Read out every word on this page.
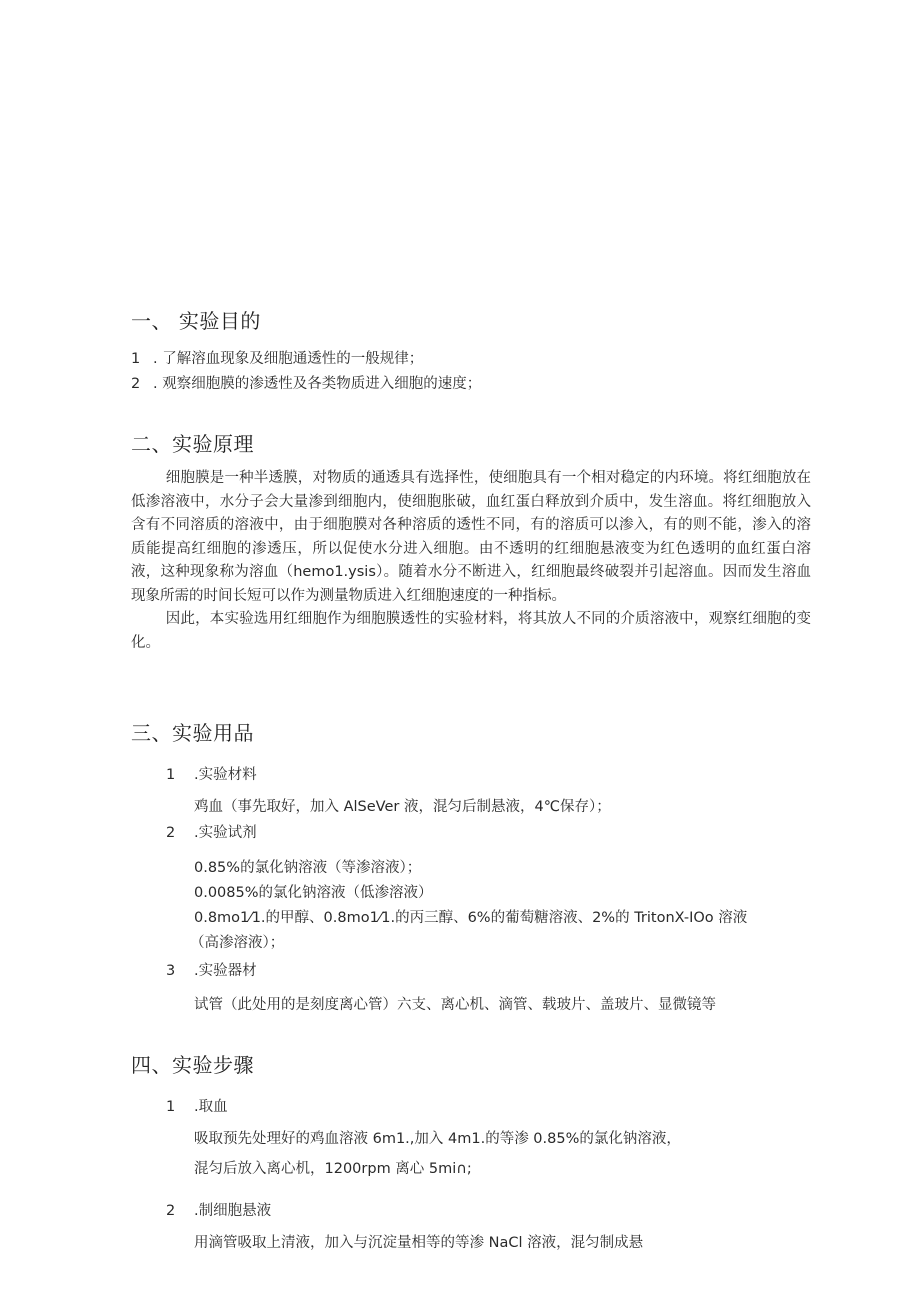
一、 实验目的
1 . 了解溶血现象及细胞通透性的一般规律；
2 . 观察细胞膜的渗透性及各类物质进入细胞的速度；
二、实验原理

细胞膜是一种半透膜，对物质的通透具有选择性，使细胞具有一个相对稳定的内环境。将红细胞放在低渗溶液中，水分子会大量渗到细胞内，使细胞胀破，血红蛋白释放到介质中，发生溶血。将红细胞放入含有不同溶质的溶液中，由于细胞膜对各种溶质的透性不同，有的溶质可以渗入，有的则不能，渗入的溶质能提高红细胞的渗透压，所以促使水分进入细胞。由不透明的红细胞悬液变为红色透明的血红蛋白溶液，这种现象称为溶血（hemo1.ysis）。随着水分不断进入，红细胞最终破裂并引起溶血。因而发生溶血现象所需的时间长短可以作为测量物质进入红细胞速度的一种指标。

因此，本实验选用红细胞作为细胞膜透性的实验材料，将其放人不同的介质溶液中，观察红细胞的变化。

三、实验用品
1 .实验材料
鸡血（事先取好，加入 AlSeVer 液，混匀后制悬液，4℃保存）；
2 .实验试剂
0.85%的氯化钠溶液（等渗溶液）；
0.0085%的氯化钠溶液（低渗溶液）
0.8mo1⁄1.的甲醇、0.8mo1⁄1.的丙三醇、6%的葡萄糖溶液、2%的 TritonX-IOo 溶液
（高渗溶液）；
3 .实验器材
试管（此处用的是刻度离心管）六支、离心机、滴管、载玻片、盖玻片、显微镜等
四、实验步骤
1 .取血
吸取预先处理好的鸡血溶液 6m1.,加入 4m1.的等渗 0.85%的氯化钠溶液，
混匀后放入离心机，1200rpm 离心 5mi∩;
2 .制细胞悬液
用滴管吸取上清液，加入与沉淀量相等的等渗 NaCl 溶液，混匀制成悬
